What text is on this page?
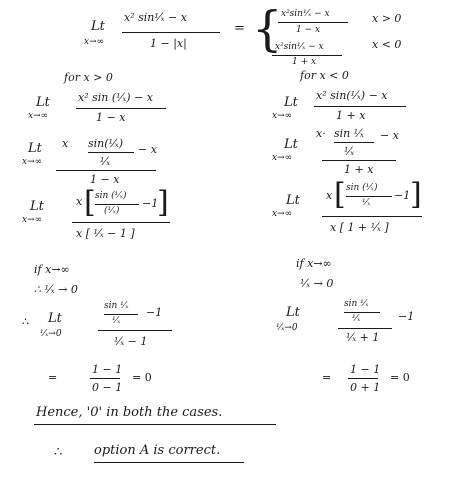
Lt
x→∞
x² sin¹⁄ₓ − x
1 − |x|
= {
x²sin¹⁄ₓ − x
1 − x
x > 0
x²sin¹⁄ₓ − x
1 + x
x < 0
for x > 0
Lt
x→∞
x² sin (¹⁄ₓ) − x
1 − x
Lt
x→∞
x sin(¹⁄ₓ)
¹⁄ₓ
− x
1 − x
Lt
x→∞
x [ sin (¹⁄ₓ)
(¹⁄ₓ)
−1
]
x [ ¹⁄ₓ − 1 ]
if x→∞
∴ ¹⁄ₓ → 0
∴ Lt
¹⁄ₓ→0
sin ¹⁄ₓ
¹⁄ₓ
−1
¹⁄ₓ − 1
=
1 − 1
0 − 1
= 0
for x < 0
Lt
x→∞
x² sin(¹⁄ₓ) − x
1 + x
Lt
x→∞
x· sin ¹⁄ₓ
¹⁄ₓ
− x
1 + x
Lt
x→∞
x [ sin (¹⁄ₓ)
¹⁄ₓ
−1 ]
x [ 1 + ¹⁄ₓ ]
if x→∞
¹⁄ₓ → 0
Lt
¹⁄ₓ→0
sin ¹⁄ₓ
¹⁄ₓ	−1
¹⁄ₓ + 1
=
1 − 1
0 + 1
= 0
Hence, '0' in both the cases.
∴ option A is correct.
